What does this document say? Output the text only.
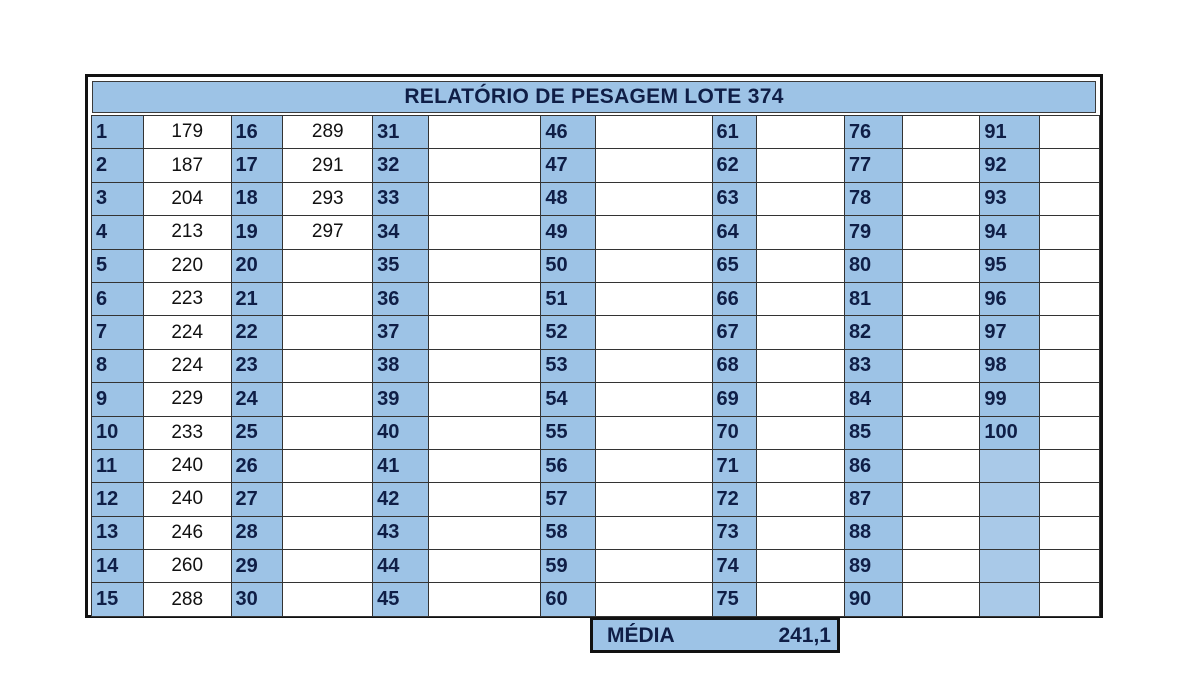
RELATÓRIO DE PESAGEM LOTE 374
1	179	16	289	31		46		61		76		91	
2	187	17	291	32		47		62		77		92	
3	204	18	293	33		48		63		78		93	
4	213	19	297	34		49		64		79		94	
5	220	20		35		50		65		80		95	
6	223	21		36		51		66		81		96	
7	224	22		37		52		67		82		97	
8	224	23		38		53		68		83		98	
9	229	24		39		54		69		84		99	
10	233	25		40		55		70		85		100	
11	240	26		41		56		71		86			
12	240	27		42		57		72		87			
13	246	28		43		58		73		88			
14	260	29		44		59		74		89			
15	288	30		45		60		75		90			
MÉDIA	241,1
